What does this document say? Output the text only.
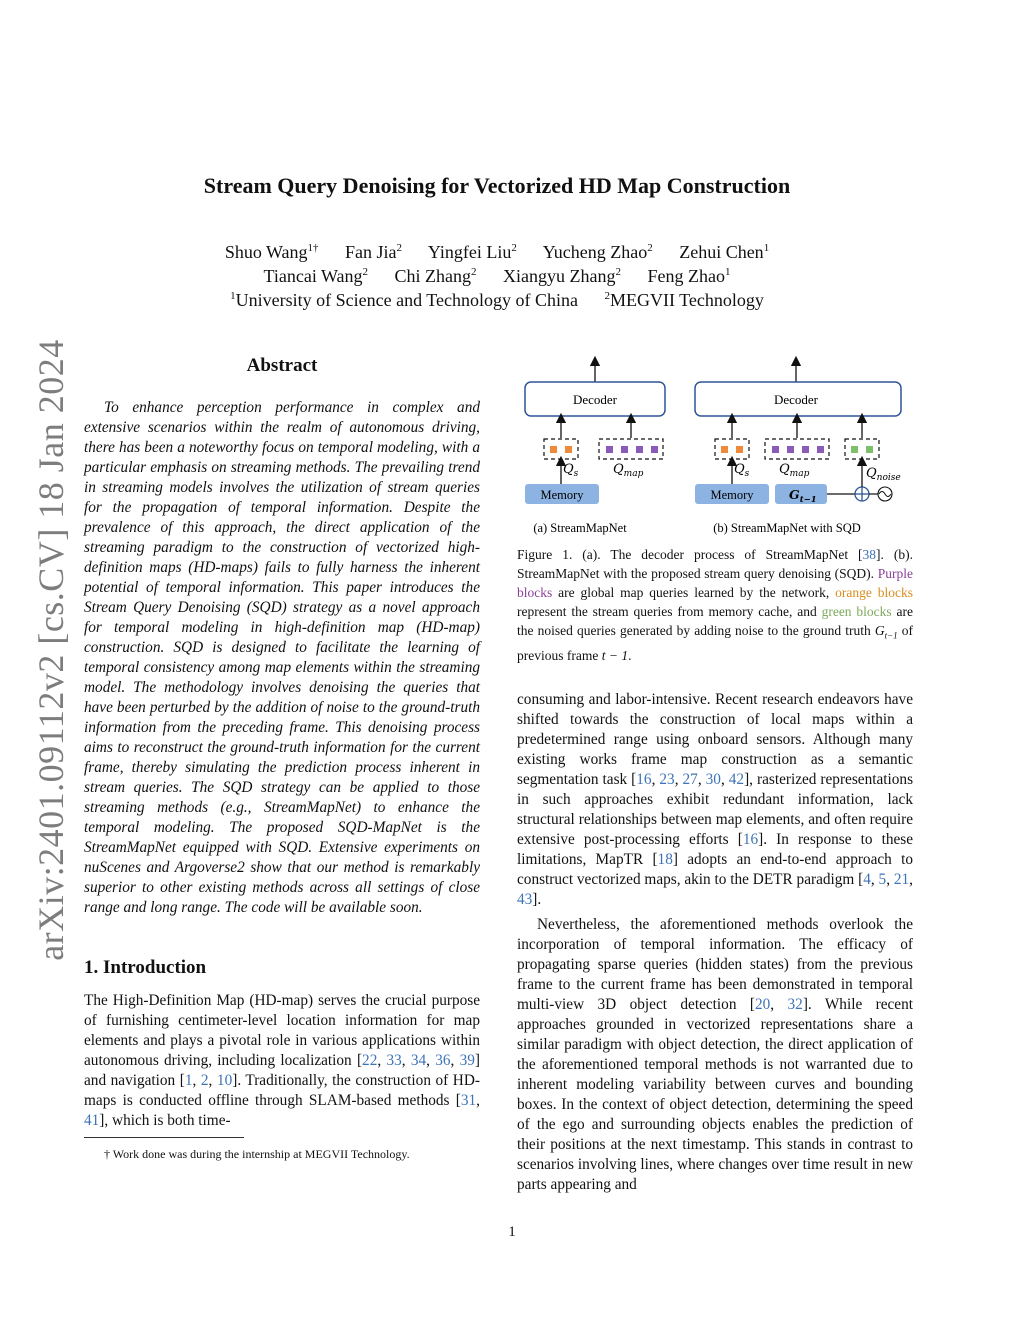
arXiv:2401.09112v2 [cs.CV] 18 Jan 2024
Stream Query Denoising for Vectorized HD Map Construction
Shuo Wang$^{1\dagger}$ Fan Jia$^2$ Yingfei Liu$^2$ Yucheng Zhao$^2$ Zehui Chen$^1$
Tiancai Wang$^2$ Chi Zhang$^2$ Xiangyu Zhang$^2$ Feng Zhao$^1$
$^1$University of Science and Technology of China $^2$MEGVII Technology
Abstract

To enhance perception performance in complex and extensive scenarios within the realm of autonomous driving, there has been a noteworthy focus on temporal modeling, with a particular emphasis on streaming methods. The prevailing trend in streaming models involves the utilization of stream queries for the propagation of temporal information. Despite the prevalence of this approach, the direct application of the streaming paradigm to the construction of vectorized high-definition maps (HD-maps) fails to fully harness the inherent potential of temporal information. This paper introduces the Stream Query Denoising (SQD) strategy as a novel approach for temporal modeling in high-definition map (HD-map) construction. SQD is designed to facilitate the learning of temporal consistency among map elements within the streaming model. The methodology involves denoising the queries that have been perturbed by the addition of noise to the ground-truth information from the preceding frame. This denoising process aims to reconstruct the ground-truth information for the current frame, thereby simulating the prediction process inherent in stream queries. The SQD strategy can be applied to those streaming methods (e.g., StreamMapNet) to enhance the temporal modeling. The proposed SQD-MapNet is the StreamMapNet equipped with SQD. Extensive experiments on nuScenes and Argoverse2 show that our method is remarkably superior to other existing methods across all settings of close range and long range. The code will be available soon.

1. Introduction

The High-Definition Map (HD-map) serves the crucial purpose of furnishing centimeter-level location information for map elements and plays a pivotal role in various applications within autonomous driving, including localization [22, 33, 34, 36, 39] and navigation [1, 2, 10]. Traditionally, the construction of HD-maps is conducted offline through SLAM-based methods [31, 41], which is both time-

† Work done was during the internship at MEGVII Technology.
Decoder
$Q_s$	$Q_{map}$
Memory
(a) StreamMapNet
Decoder
$Q_s$ $Q_{map}$	$Q_{noise}$
Memory	$G_{t-1}$
(b) StreamMapNet with SQD

Figure 1. (a). The decoder process of StreamMapNet [38]. (b). StreamMapNet with the proposed stream query denoising (SQD). Purple blocks are global map queries learned by the network, orange blocks represent the stream queries from memory cache, and green blocks are the noised queries generated by adding noise to the ground truth $G_{t-1}$ of previous frame t − 1.

consuming and labor-intensive. Recent research endeavors have shifted towards the construction of local maps within a predetermined range using onboard sensors. Although many existing works frame map construction as a semantic segmentation task [16, 23, 27, 30, 42], rasterized representations in such approaches exhibit redundant information, lack structural relationships between map elements, and often require extensive post-processing efforts [16]. In response to these limitations, MapTR [18] adopts an end-to-end approach to construct vectorized maps, akin to the DETR paradigm [4, 5, 21, 43].

Nevertheless, the aforementioned methods overlook the incorporation of temporal information. The efficacy of propagating sparse queries (hidden states) from the previous frame to the current frame has been demonstrated in temporal multi-view 3D object detection [20, 32]. While recent approaches grounded in vectorized representations share a similar paradigm with object detection, the direct application of the aforementioned temporal methods is not warranted due to inherent modeling variability between curves and bounding boxes. In the context of object detection, determining the speed of the ego and surrounding objects enables the prediction of their positions at the next timestamp. This stands in contrast to scenarios involving lines, where changes over time result in new parts appearing and

1
